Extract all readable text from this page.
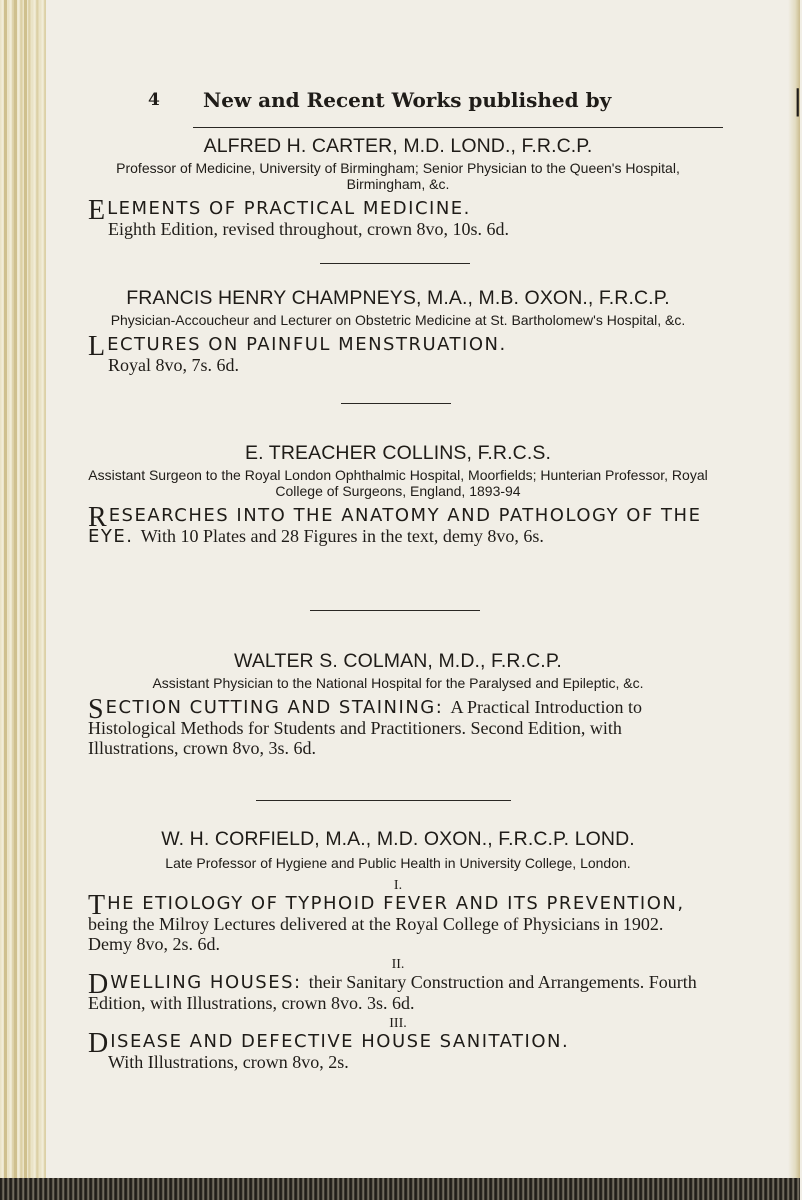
4 New and Recent Works published by	|

ALFRED H. CARTER, M.D. LOND., F.R.C.P.

Professor of Medicine, University of Birmingham; Senior Physician to the Queen's Hospital, Birmingham, &c.

ELEMENTS OF PRACTICAL MEDICINE.
Eighth Edition, revised throughout, crown 8vo, 10s. 6d.

FRANCIS HENRY CHAMPNEYS, M.A., M.B. OXON., F.R.C.P.

Physician-Accoucheur and Lecturer on Obstetric Medicine at St. Bartholomew's Hospital, &c.

LECTURES ON PAINFUL MENSTRUATION.
Royal 8vo, 7s. 6d.

E. TREACHER COLLINS, F.R.C.S.

Assistant Surgeon to the Royal London Ophthalmic Hospital, Moorfields; Hunterian Professor, Royal College of Surgeons, England, 1893-94

RESEARCHES INTO THE ANATOMY AND PATHOLOGY OF THE EYE. With 10 Plates and 28 Figures in the text, demy 8vo, 6s.

WALTER S. COLMAN, M.D., F.R.C.P.

Assistant Physician to the National Hospital for the Paralysed and Epileptic, &c.

SECTION CUTTING AND STAINING: A Practical Introduction to Histological Methods for Students and Practitioners. Second Edition, with Illustrations, crown 8vo, 3s. 6d.

W. H. CORFIELD, M.A., M.D. OXON., F.R.C.P. LOND.

Late Professor of Hygiene and Public Health in University College, London.

I.

THE ETIOLOGY OF TYPHOID FEVER AND ITS PREVENTION, being the Milroy Lectures delivered at the Royal College of Physicians in 1902. Demy 8vo, 2s. 6d.

II.

DWELLING HOUSES: their Sanitary Construction and Arrangements. Fourth Edition, with Illustrations, crown 8vo. 3s. 6d.

III.

DISEASE AND DEFECTIVE HOUSE SANITATION.
With Illustrations, crown 8vo, 2s.
